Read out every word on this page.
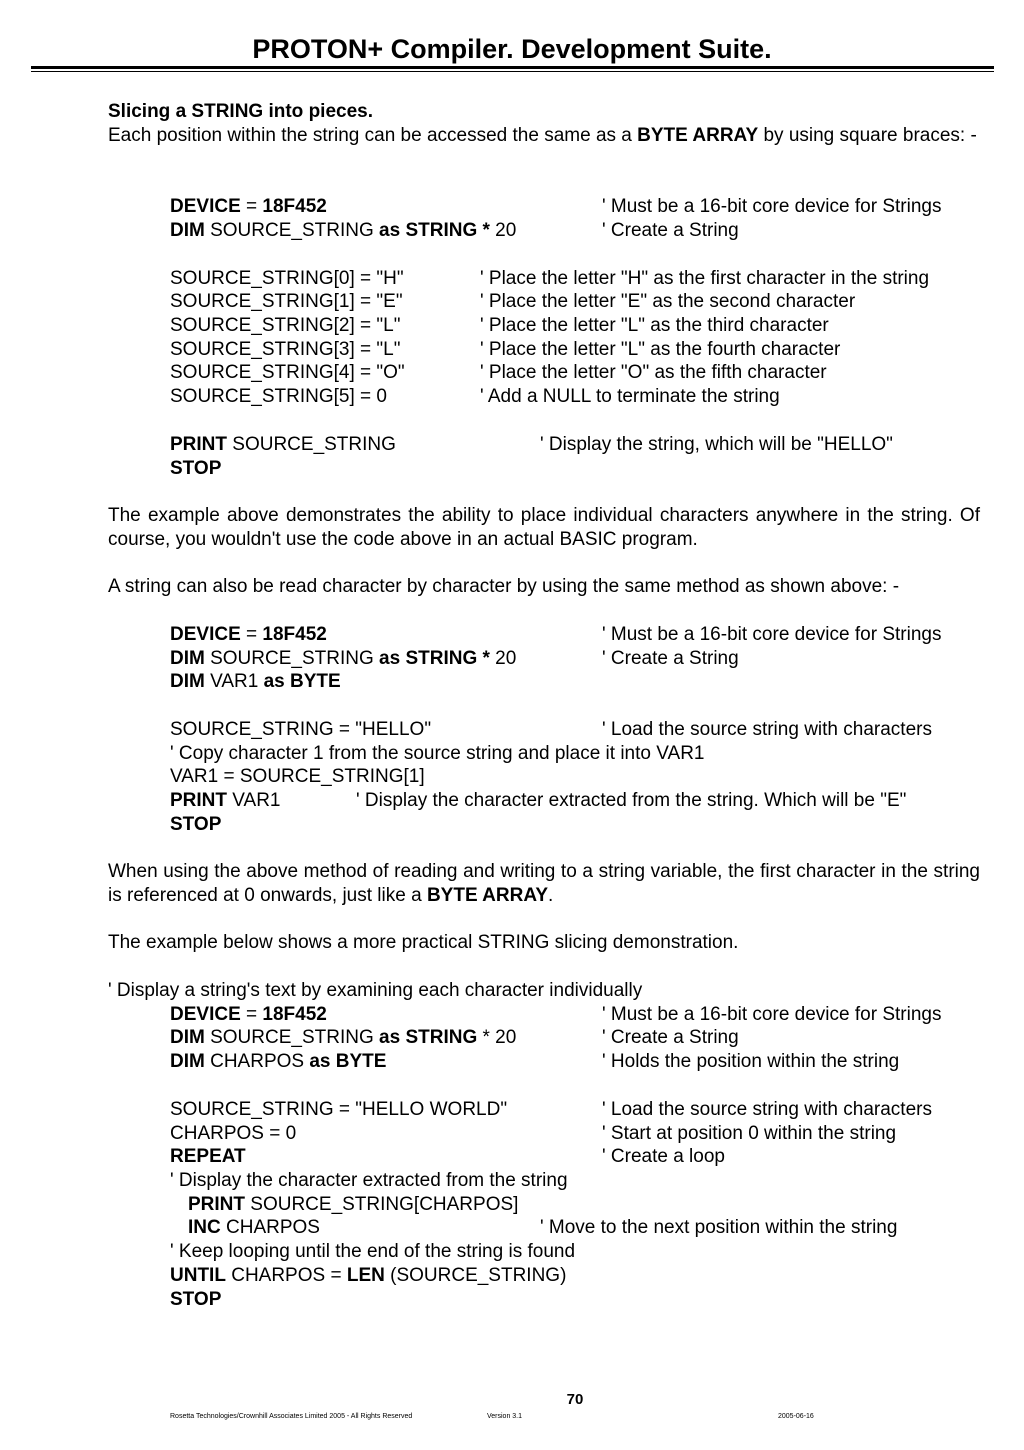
PROTON+ Compiler. Development Suite.
Slicing a STRING into pieces.
Each position within the string can be accessed the same as a BYTE ARRAY by using square braces: -
DEVICE = 18F452	' Must be a 16-bit core device for Strings
DIM SOURCE_STRING as STRING * 20	' Create a String
SOURCE_STRING[0] = "H"	' Place the letter "H" as the first character in the string
SOURCE_STRING[1] = "E"	' Place the letter "E" as the second character
SOURCE_STRING[2] = "L"	' Place the letter "L" as the third character
SOURCE_STRING[3] = "L"	' Place the letter "L" as the fourth character
SOURCE_STRING[4] = "O"	' Place the letter "O" as the fifth character
SOURCE_STRING[5] = 0	' Add a NULL to terminate the string
PRINT SOURCE_STRING	' Display the string, which will be "HELLO"
STOP
The example above demonstrates the ability to place individual characters anywhere in the string. Of course, you wouldn't use the code above in an actual BASIC program.
A string can also be read character by character by using the same method as shown above: -
DEVICE = 18F452	' Must be a 16-bit core device for Strings
DIM SOURCE_STRING as STRING * 20	' Create a String
DIM VAR1 as BYTE
SOURCE_STRING = "HELLO"	' Load the source string with characters
' Copy character 1 from the source string and place it into VAR1
VAR1 = SOURCE_STRING[1]
PRINT VAR1	' Display the character extracted from the string. Which will be "E"
STOP
When using the above method of reading and writing to a string variable, the first character in the string is referenced at 0 onwards, just like a BYTE ARRAY.
The example below shows a more practical STRING slicing demonstration.
' Display a string's text by examining each character individually
DEVICE = 18F452	' Must be a 16-bit core device for Strings
DIM SOURCE_STRING as STRING * 20	' Create a String
DIM CHARPOS as BYTE	' Holds the position within the string
SOURCE_STRING = "HELLO WORLD"	' Load the source string with characters
CHARPOS = 0	' Start at position 0 within the string
REPEAT	' Create a loop
' Display the character extracted from the string
PRINT SOURCE_STRING[CHARPOS]
INC CHARPOS	' Move to the next position within the string
' Keep looping until the end of the string is found
UNTIL CHARPOS = LEN (SOURCE_STRING)
STOP
70
Rosetta Technologies/Crownhill Associates Limited 2005 - All Rights Reserved	Version 3.1	2005-06-16
